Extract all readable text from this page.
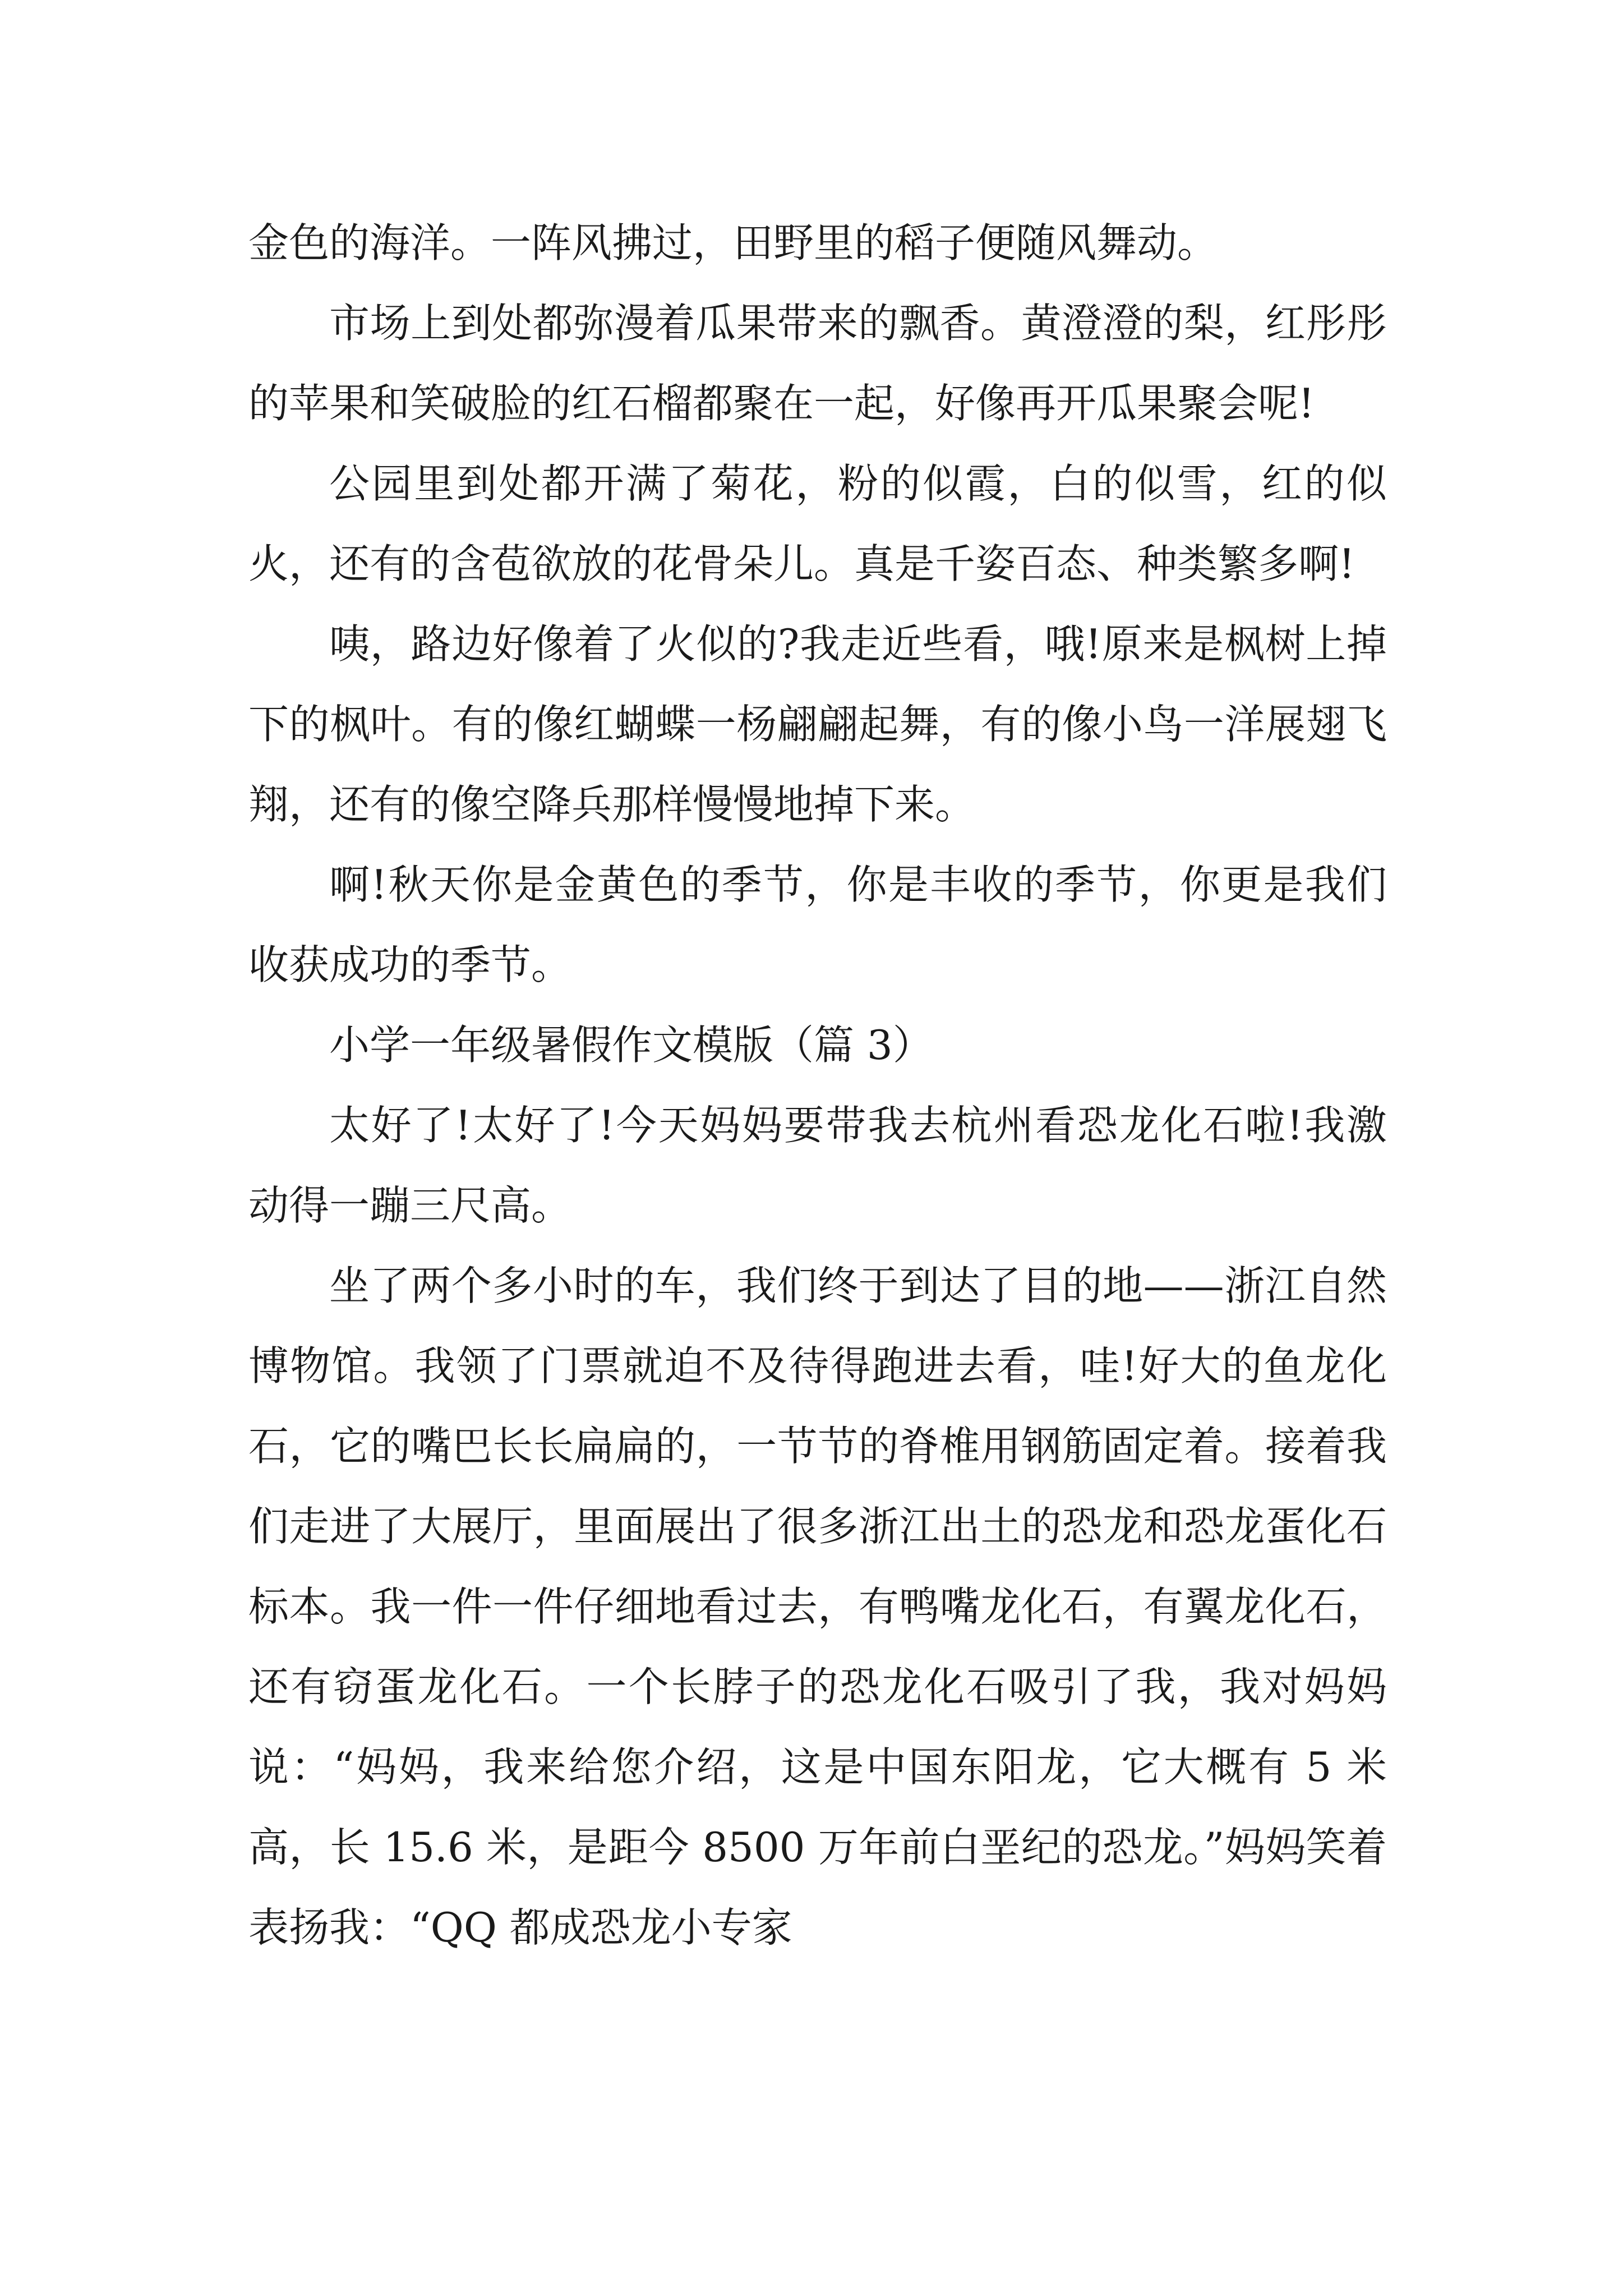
金色的海洋。一阵风拂过，田野里的稻子便随风舞动。

市场上到处都弥漫着瓜果带来的飘香。黄澄澄的梨，红彤彤的苹果和笑破脸的红石榴都聚在一起，好像再开瓜果聚会呢!

公园里到处都开满了菊花，粉的似霞，白的似雪，红的似火，还有的含苞欲放的花骨朵儿。真是千姿百态、种类繁多啊!

咦，路边好像着了火似的?我走近些看，哦!原来是枫树上掉下的枫叶。有的像红蝴蝶一杨翩翩起舞，有的像小鸟一洋展翅飞翔，还有的像空降兵那样慢慢地掉下来。

啊!秋天你是金黄色的季节，你是丰收的季节，你更是我们收获成功的季节。

小学一年级暑假作文模版（篇 3）

太好了!太好了!今天妈妈要带我去杭州看恐龙化石啦!我激动得一蹦三尺高。

坐了两个多小时的车，我们终于到达了目的地——浙江自然博物馆。我领了门票就迫不及待得跑进去看，哇!好大的鱼龙化石，它的嘴巴长长扁扁的，一节节的脊椎用钢筋固定着。接着我们走进了大展厅，里面展出了很多浙江出土的恐龙和恐龙蛋化石标本。我一件一件仔细地看过去，有鸭嘴龙化石，有翼龙化石，还有窃蛋龙化石。一个长脖子的恐龙化石吸引了我，我对妈妈说：“妈妈，我来给您介绍，这是中国东阳龙，它大概有 5 米高，长 15.6 米，是距今 8500 万年前白垩纪的恐龙。”妈妈笑着表扬我：“QQ 都成恐龙小专家
